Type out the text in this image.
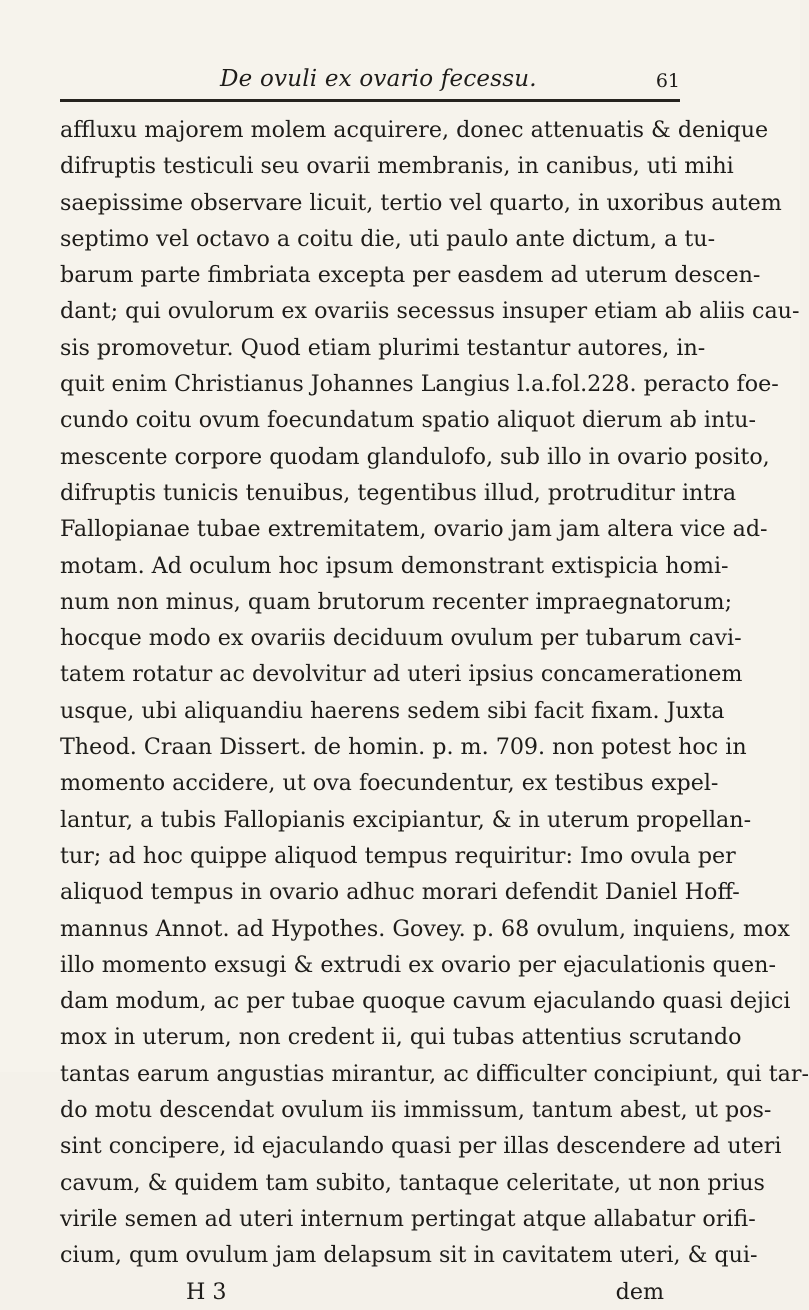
De ovuli ex ovario fecessu.	61
affluxu majorem molem acquirere, donec attenuatis & denique
difruptis testiculi seu ovarii membranis, in canibus, uti mihi
saepissime observare licuit, tertio vel quarto, in uxoribus autem
septimo vel octavo a coitu die, uti paulo ante dictum, a tu-
barum parte fimbriata excepta per easdem ad uterum descen-
dant; qui ovulorum ex ovariis secessus insuper etiam ab aliis cau-
sis promovetur. Quod etiam plurimi testantur autores, in-
quit enim Christianus Johannes Langius l.a.fol.228. peracto foe-
cundo coitu ovum foecundatum spatio aliquot dierum ab intu-
mescente corpore quodam glandulofo, sub illo in ovario posito,
difruptis tunicis tenuibus, tegentibus illud, protruditur intra
Fallopianae tubae extremitatem, ovario jam jam altera vice ad-
motam. Ad oculum hoc ipsum demonstrant extispicia homi-
num non minus, quam brutorum recenter impraegnatorum;
hocque modo ex ovariis deciduum ovulum per tubarum cavi-
tatem rotatur ac devolvitur ad uteri ipsius concamerationem
usque, ubi aliquandiu haerens sedem sibi facit fixam. Juxta
Theod. Craan Dissert. de homin. p. m. 709. non potest hoc in
momento accidere, ut ova foecundentur, ex testibus expel-
lantur, a tubis Fallopianis excipiantur, & in uterum propellan-
tur; ad hoc quippe aliquod tempus requiritur: Imo ovula per
aliquod tempus in ovario adhuc morari defendit Daniel Hoff-
mannus Annot. ad Hypothes. Govey. p. 68 ovulum, inquiens, mox
illo momento exsugi & extrudi ex ovario per ejaculationis quen-
dam modum, ac per tubae quoque cavum ejaculando quasi dejici
mox in uterum, non credent ii, qui tubas attentius scrutando
tantas earum angustias mirantur, ac difficulter concipiunt, qui tar-
do motu descendat ovulum iis immissum, tantum abest, ut pos-
sint concipere, id ejaculando quasi per illas descendere ad uteri
cavum, & quidem tam subito, tantaque celeritate, ut non prius
virile semen ad uteri internum pertingat atque allabatur orifi-
cium, qum ovulum jam delapsum sit in cavitatem uteri, & qui-
H 3	dem
